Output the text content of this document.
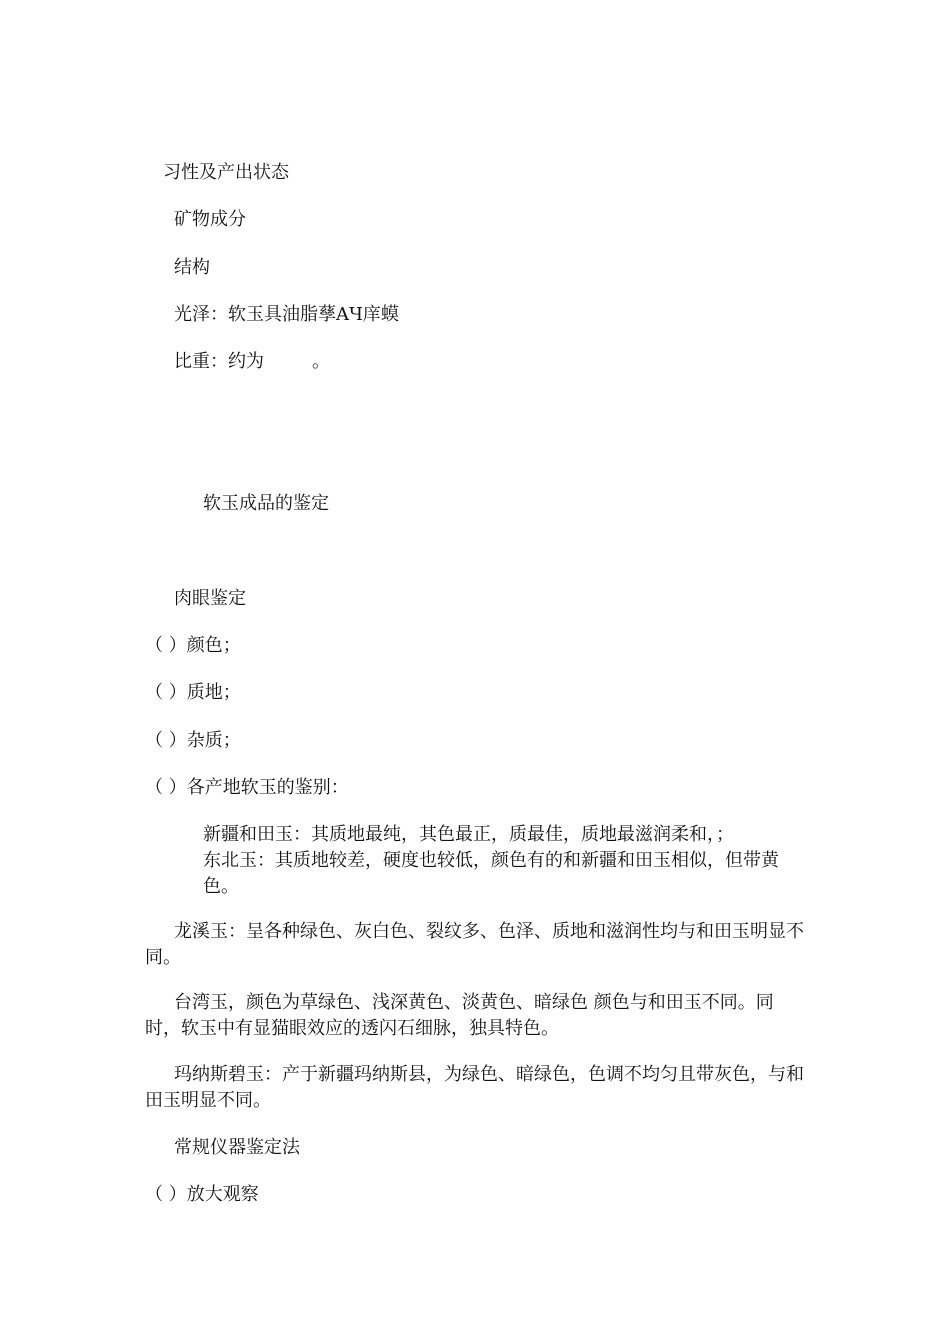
习性及产出状态
矿物成分
结构
光泽：软玉具油脂孶AЧ庠蟆
比重：约为	。
软玉成品的鉴定
肉眼鉴定
（ ）颜色；
（ ）质地；
（ ）杂质；
（ ）各产地软玉的鉴别：

新疆和田玉：其质地最纯，其色最正，质最佳，质地最滋润柔和，；

东北玉：其质地较差，硬度也较低，颜色有的和新疆和田玉相似，但带黄色。

龙溪玉：呈各种绿色、灰白色、裂纹多、色泽、质地和滋润性均与和田玉明显不同。
台湾玉，颜色为草绿色、浅深黄色、淡黄色、暗绿色 颜色与和田玉不同。同时，软玉中有显猫眼效应的透闪石细脉，独具特色。
玛纳斯碧玉：产于新疆玛纳斯县，为绿色、暗绿色，色调不均匀且带灰色，与和田玉明显不同。
常规仪器鉴定法
（ ）放大观察
